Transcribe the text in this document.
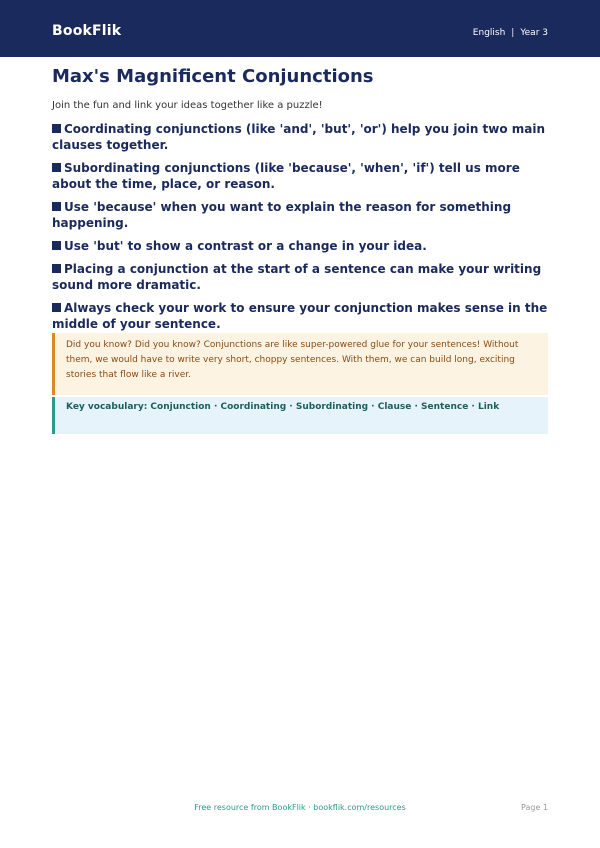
BookFlik	English | Year 3
Max's Magnificent Conjunctions
Join the fun and link your ideas together like a puzzle!
Coordinating conjunctions (like 'and', 'but', 'or') help you join two main clauses together.
Subordinating conjunctions (like 'because', 'when', 'if') tell us more about the time, place, or reason.
Use 'because' when you want to explain the reason for something happening.
Use 'but' to show a contrast or a change in your idea.
Placing a conjunction at the start of a sentence can make your writing sound more dramatic.
Always check your work to ensure your conjunction makes sense in the middle of your sentence.
Did you know? Did you know? Conjunctions are like super-powered glue for your sentences! Without them, we would have to write very short, choppy sentences. With them, we can build long, exciting stories that flow like a river.
Key vocabulary: Conjunction · Coordinating · Subordinating · Clause · Sentence · Link
Free resource from BookFlik · bookflik.com/resources	Page 1
